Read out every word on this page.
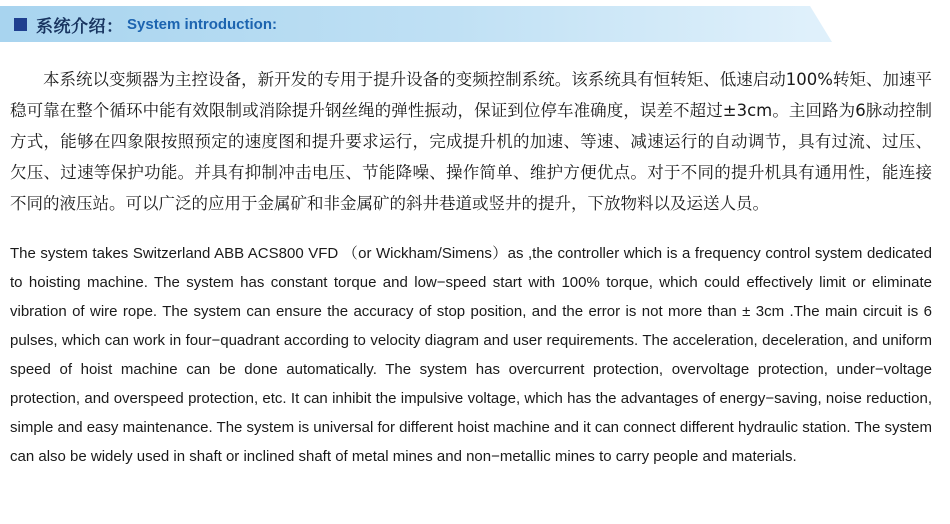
系统介绍 ： System introduction:

本系统以变频器为主控设备，新开发的专用于提升设备的变频控制系统。该系统具有恒转矩、低速启动100%转矩、加速平稳可靠在整个循环中能有效限制或消除提升钢丝绳的弹性振动，保证到位停车准确度，误差不超过±3cm。主回路为6脉动控制方式，能够在四象限按照预定的速度图和提升要求运行，完成提升机的加速、等速、减速运行的自动调节，具有过流、过压、欠压、过速等保护功能。并具有抑制冲击电压、节能降噪、操作简单、维护方便优点。对于不同的提升机具有通用性，能连接不同的液压站。可以广泛的应用于金属矿和非金属矿的斜井巷道或竖井的提升，下放物料以及运送人员。

The system takes Switzerland ABB ACS800 VFD （or Wickham/Simens）as ,the controller which is a frequency control system dedicated to hoisting machine. The system has constant torque and low−speed start with 100% torque, which could effectively limit or eliminate vibration of wire rope. The system can ensure the accuracy of stop position, and the error is not more than ± 3cm .The main circuit is 6 pulses, which can work in four−quadrant according to velocity diagram and user requirements. The acceleration, deceleration, and uniform speed of hoist machine can be done automatically. The system has overcurrent protection, overvoltage protection, under−voltage protection, and overspeed protection, etc. It can inhibit the impulsive voltage, which has the advantages of energy−saving, noise reduction, simple and easy maintenance. The system is universal for different hoist machine and it can connect different hydraulic station. The system can also be widely used in shaft or inclined shaft of metal mines and non−metallic mines to carry people and materials.
